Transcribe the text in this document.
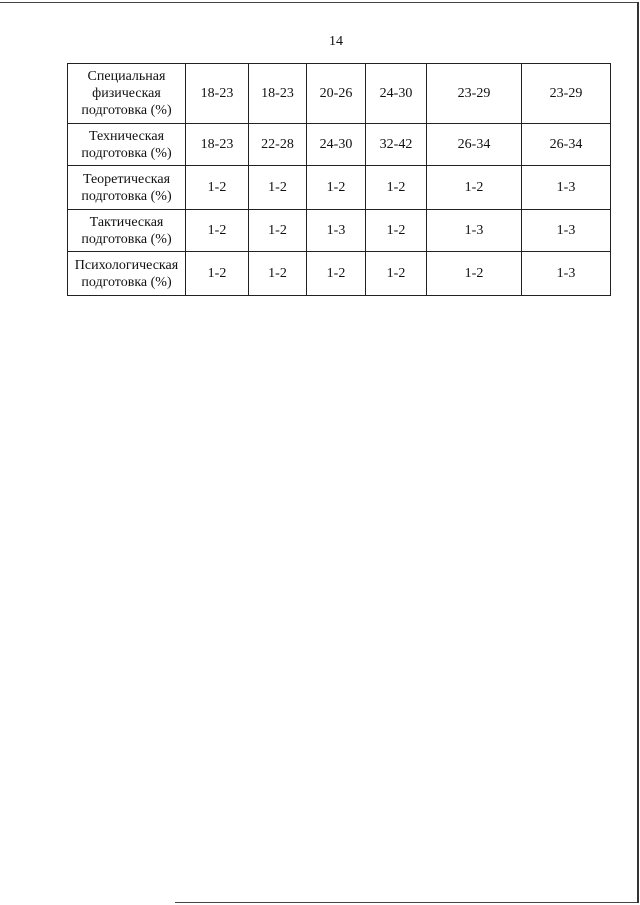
14
Специальная физическая подготовка (%)	18-23	18-23	20-26	24-30	23-29	23-29
Техническая подготовка (%)	18-23	22-28	24-30	32-42	26-34	26-34
Теоретическая подготовка (%)	1-2	1-2	1-2	1-2	1-2	1-3
Тактическая подготовка (%)	1-2	1-2	1-3	1-2	1-3	1-3
Психологическая подготовка (%)	1-2	1-2	1-2	1-2	1-2	1-3
